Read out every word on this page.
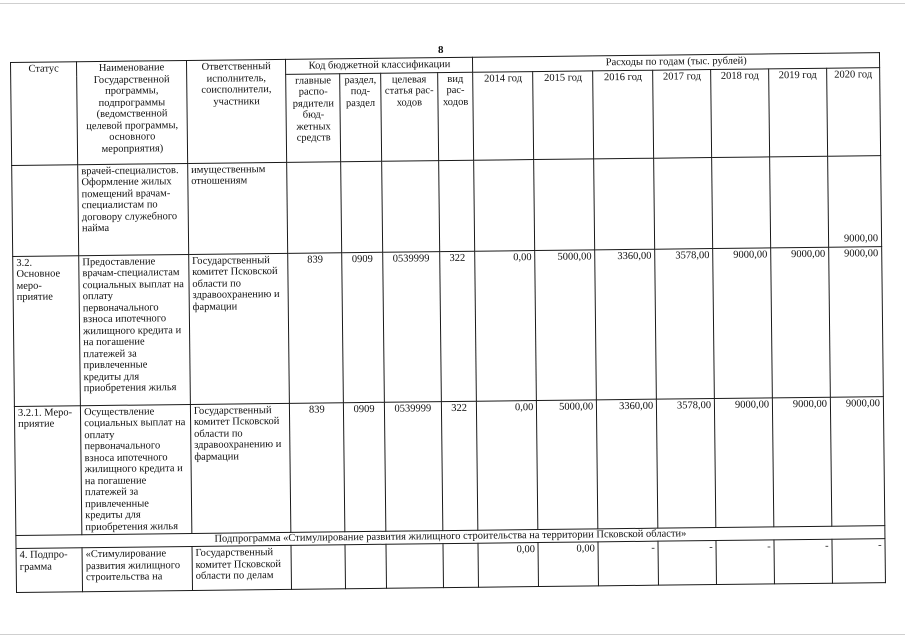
8
Статус	Наименование Государственной программы, подпрограммы (ведомственной целевой программы, основного мероприятия)	Ответственный исполнитель, соисполнители, участники	Код бюджетной классификации				Расходы по годам (тыс. рублей)						
			главные распо-рядители бюд-жетных средств	раздел, под-раздел	целевая статья рас-ходов	вид рас-ходов	2014 год	2015 год	2016 год	2017 год	2018 год	2019 год	2020 год
	врачей-специалистов. Оформление жилых помещений врачам-специалистам по договору служебного найма	имущественным отношениям											9000,00
3.2. Основное меро-приятие	Предоставление врачам-специалистам социальных выплат на оплату первоначального взноса ипотечного жилищного кредита и на погашение платежей за привлеченные кредиты для приобретения жилья	Государственный комитет Псковской области по здравоохранению и фармации	839	0909	0539999	322	0,00	5000,00	3360,00	3578,00	9000,00	9000,00	9000,00
3.2.1. Меро-приятие	Осуществление социальных выплат на оплату первоначального взноса ипотечного жилищного кредита и на погашение платежей за привлеченные кредиты для приобретения жилья	Государственный комитет Псковской области по здравоохранению и фармации	839	0909	0539999	322	0,00	5000,00	3360,00	3578,00	9000,00	9000,00	9000,00
Подпрограмма «Стимулирование развития жилищного строительства на территории Псковской области»													
4. Подпро-грамма	«Стимулирование развития жилищного строительства на	Государственный комитет Псковской области по делам					0,00	0,00	-	-	-	-	-
